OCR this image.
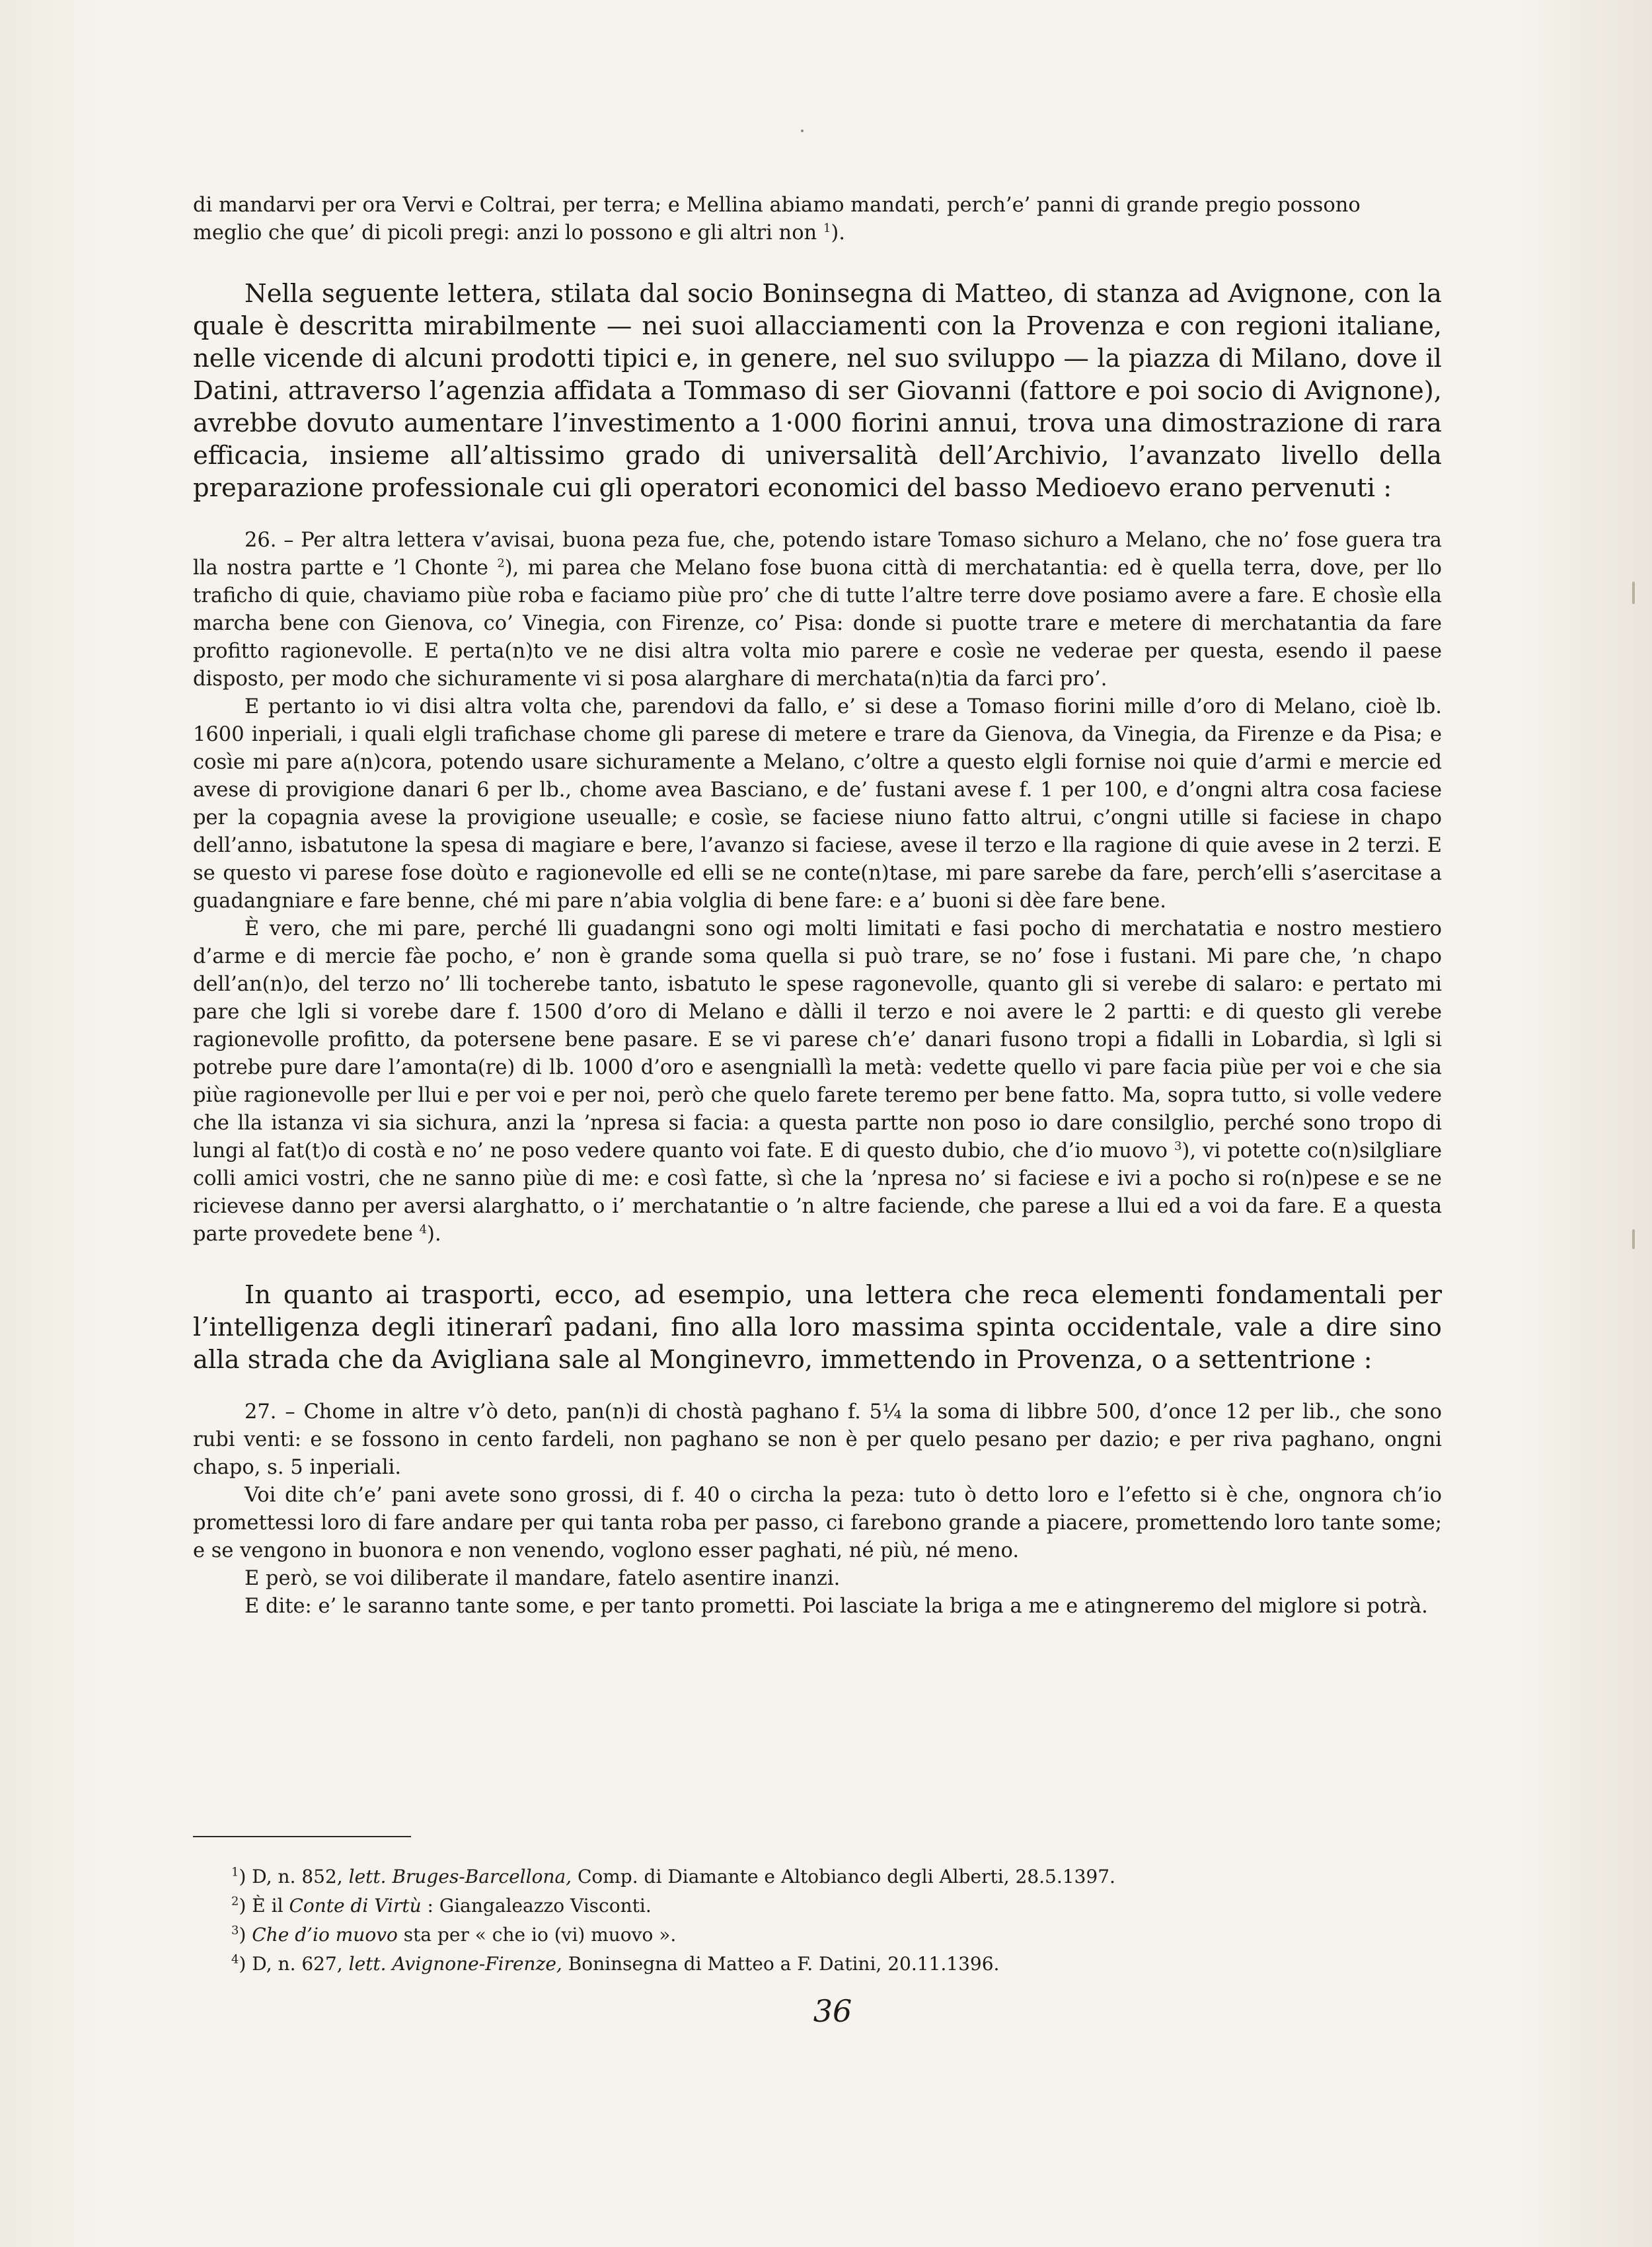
di mandarvi per ora Vervi e Coltrai, per terra; e Mellina abiamo mandati, perch’e’ panni di grande pregio possono

meglio che que’ di picoli pregi: anzi lo possono e gli altri non $^1$).

Nella seguente lettera, stilata dal socio Boninsegna di Matteo, di stanza ad Avignone, con la quale è descritta mirabilmente — nei suoi allacciamenti con la Provenza e con regioni italiane, nelle vicende di alcuni prodotti tipici e, in genere, nel suo sviluppo — la piazza di Milano, dove il Datini, attraverso l’agenzia affidata a Tommaso di ser Giovanni (fattore e poi socio di Avignone), avrebbe dovuto aumentare l’investimento a 1·000 fiorini annui, trova una dimostrazione di rara efficacia, insieme all’altissimo grado di universalità dell’Archivio, l’avanzato livello della preparazione professionale cui gli operatori economici del basso Medioevo erano pervenuti :

26. – Per altra lettera v’avisai, buona peza fue, che, potendo istare Tomaso sichuro a Melano, che no’ fose guera tra lla nostra partte e ’l Chonte $^2$), mi parea che Melano fose buona città di merchatantia: ed è quella terra, dove, per llo traficho di quie, chaviamo piùe roba e faciamo piùe pro’ che di tutte l’altre terre dove posiamo avere a fare. E chosìe ella marcha bene con Gienova, co’ Vinegia, con Firenze, co’ Pisa: donde si puotte trare e metere di merchatantia da fare profitto ragionevolle. E perta(n)to ve ne disi altra volta mio parere e cosìe ne vederae per questa, esendo il paese disposto, per modo che sichuramente vi si posa alarghare di merchata(n)tia da farci pro’.

E pertanto io vi disi altra volta che, parendovi da fallo, e’ si dese a Tomaso fiorini mille d’oro di Melano, cioè lb. 1600 inperiali, i quali elgli trafichase chome gli parese di metere e trare da Gienova, da Vinegia, da Firenze e da Pisa; e cosìe mi pare a(n)cora, potendo usare sichuramente a Melano, c’oltre a questo elgli fornise noi quie d’armi e mercie ed avese di provigione danari 6 per lb., chome avea Basciano, e de’ fustani avese f. 1 per 100, e d’ongni altra cosa faciese per la copagnia avese la provigione useualle; e cosìe, se faciese niuno fatto altrui, c’ongni utille si faciese in chapo dell’anno, isbatutone la spesa di magiare e bere, l’avanzo si faciese, avese il terzo e lla ragione di quie avese in 2 terzi. E se questo vi parese fose doùto e ragionevolle ed elli se ne conte(n)tase, mi pare sarebe da fare, perch’elli s’asercitase a guadangniare e fare benne, ché mi pare n’abia volglia di bene fare: e a’ buoni si dèe fare bene.

È vero, che mi pare, perché lli guadangni sono ogi molti limitati e fasi pocho di merchatatia e nostro mestiero d’arme e di mercie fàe pocho, e’ non è grande soma quella si può trare, se no’ fose i fustani. Mi pare che, ’n chapo dell’an(n)o, del terzo no’ lli tocherebe tanto, isbatuto le spese ragonevolle, quanto gli si verebe di salaro: e pertato mi pare che lgli si vorebe dare f. 1500 d’oro di Melano e dàlli il terzo e noi avere le 2 partti: e di questo gli verebe ragionevolle profitto, da potersene bene pasare. E se vi parese ch’e’ danari fusono tropi a fidalli in Lobardia, sì lgli si potrebe pure dare l’amonta(re) di lb. 1000 d’oro e asengniallì la metà: vedette quello vi pare facia piùe per voi e che sia piùe ragionevolle per llui e per voi e per noi, però che quelo farete teremo per bene fatto. Ma, sopra tutto, si volle vedere che lla istanza vi sia sichura, anzi la ’npresa si facia: a questa partte non poso io dare consilglio, perché sono tropo di lungi al fat(t)o di costà e no’ ne poso vedere quanto voi fate. E di questo dubio, che d’io muovo $^3$), vi potette co(n)silgliare colli amici vostri, che ne sanno piùe di me: e così fatte, sì che la ’npresa no’ si faciese e ivi a pocho si ro(n)pese e se ne ricievese danno per aversi alarghatto, o i’ merchatantie o ’n altre faciende, che parese a llui ed a voi da fare. E a questa parte provedete bene $^4$).

In quanto ai trasporti, ecco, ad esempio, una lettera che reca elementi fondamentali per l’intelligenza degli itinerarî padani, fino alla loro massima spinta occidentale, vale a dire sino alla strada che da Avigliana sale al Monginevro, immettendo in Provenza, o a settentrione :

27. – Chome in altre v’ò deto, pan(n)i di chostà paghano f. 5¼ la soma di libbre 500, d’once 12 per lib., che sono rubi venti: e se fossono in cento fardeli, non paghano se non è per quelo pesano per dazio; e per riva paghano, ongni chapo, s. 5 inperiali.

Voi dite ch’e’ pani avete sono grossi, di f. 40 o circha la peza: tuto ò detto loro e l’efetto si è che, ongnora ch’io promettessi loro di fare andare per qui tanta roba per passo, ci farebono grande a piacere, promettendo loro tante some; e se vengono in buonora e non venendo, voglono esser paghati, né più, né meno.

E però, se voi diliberate il mandare, fatelo asentire inanzi.

E dite: e’ le saranno tante some, e per tanto prometti. Poi lasciate la briga a me e atingneremo del miglore si potrà.

$^1$) D, n. 852, lett. Bruges-Barcellona, Comp. di Diamante e Altobianco degli Alberti, 28.5.1397.

$^2$) È il Conte di Virtù : Giangaleazzo Visconti.

$^3$) Che d’io muovo sta per « che io (vi) muovo ».

$^4$) D, n. 627, lett. Avignone-Firenze, Boninsegna di Matteo a F. Datini, 20.11.1396.

36
